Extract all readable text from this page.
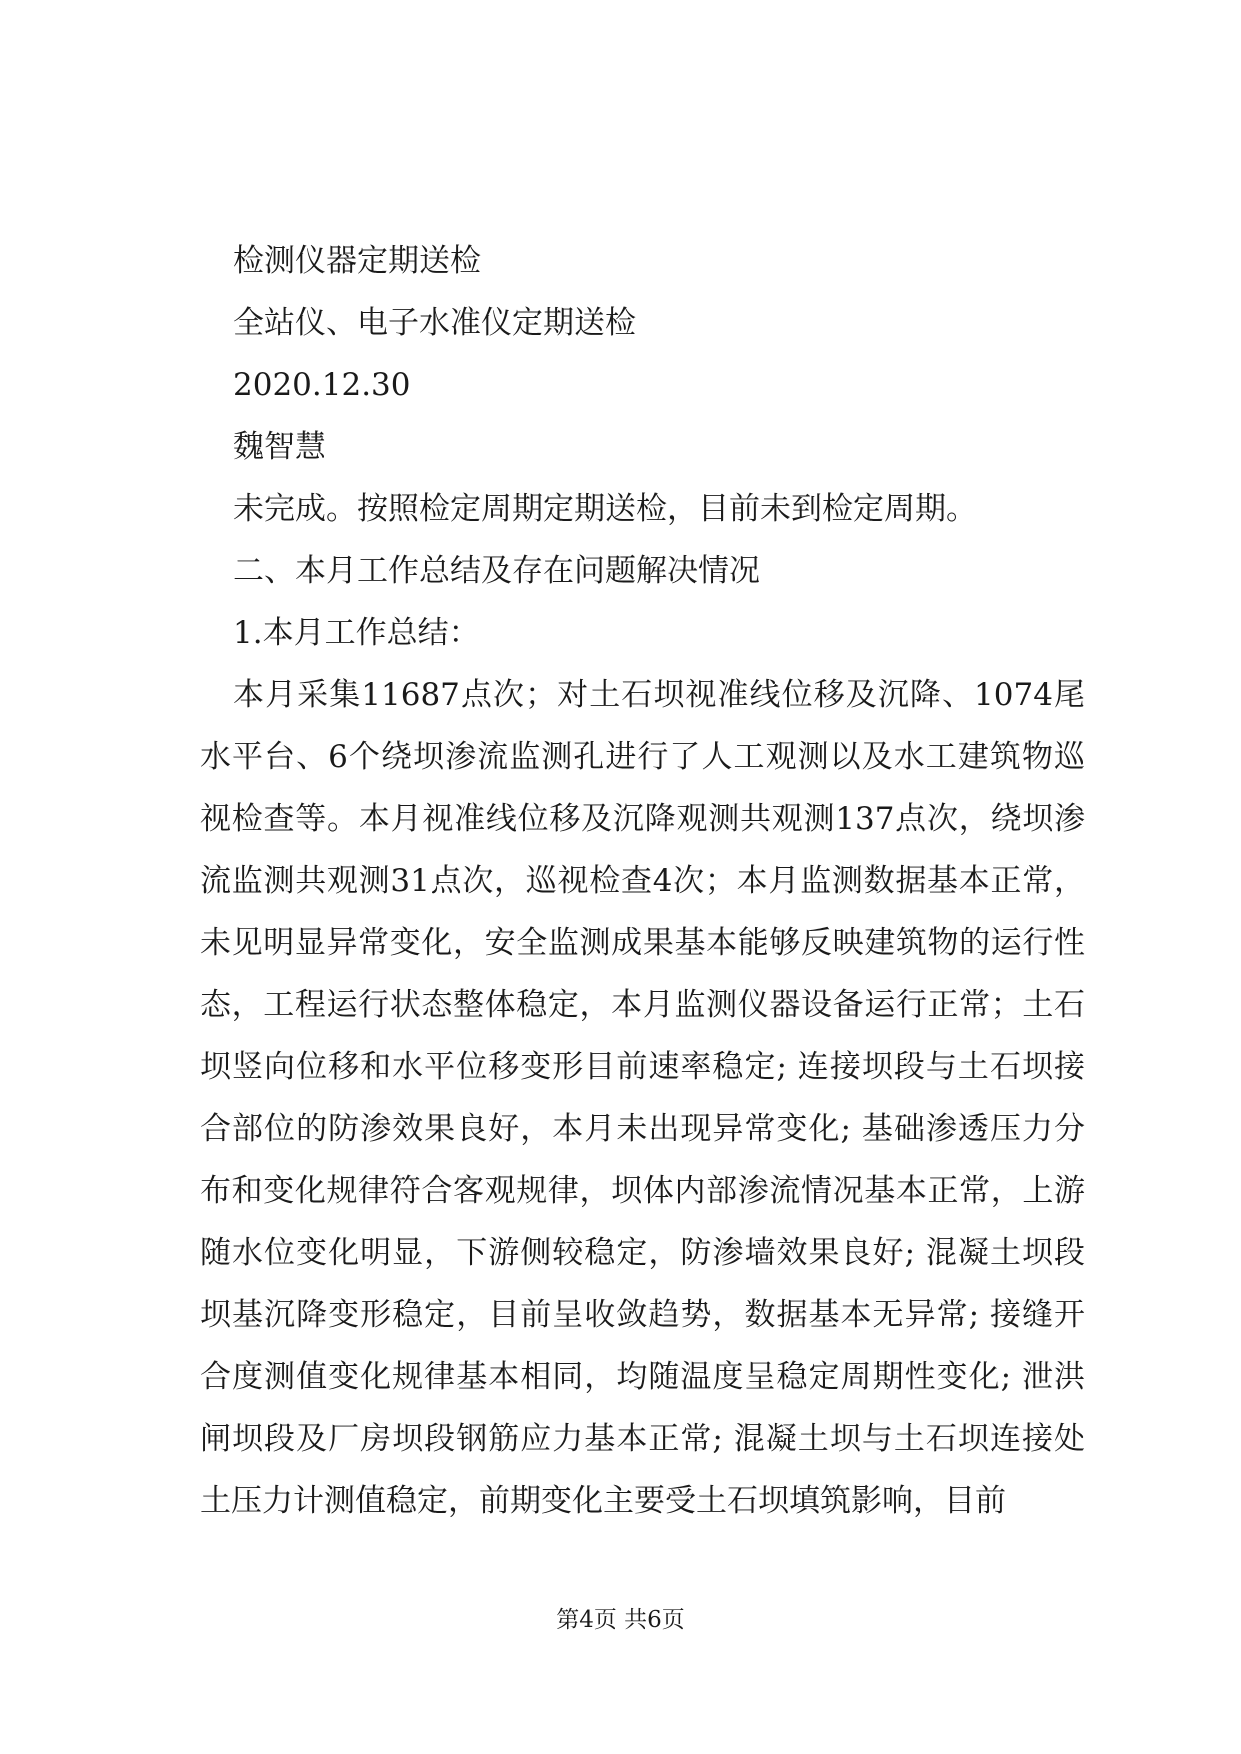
检测仪器定期送检

全站仪、电子水准仪定期送检

2020.12.30

魏智慧

未完成。按照检定周期定期送检，目前未到检定周期。

二、本月工作总结及存在问题解决情况

1.本月工作总结：

本月采集11687点次；对土石坝视准线位移及沉降、1074尾水平台、6个绕坝渗流监测孔进行了人工观测以及水工建筑物巡视检查等。本月视准线位移及沉降观测共观测137点次，绕坝渗流监测共观测31点次，巡视检查4次；本月监测数据基本正常，未见明显异常变化，安全监测成果基本能够反映建筑物的运行性态，工程运行状态整体稳定，本月监测仪器设备运行正常；土石坝竖向位移和水平位移变形目前速率稳定; 连接坝段与土石坝接合部位的防渗效果良好，本月未出现异常变化; 基础渗透压力分布和变化规律符合客观规律，坝体内部渗流情况基本正常，上游随水位变化明显，下游侧较稳定，防渗墙效果良好; 混凝土坝段坝基沉降变形稳定，目前呈收敛趋势，数据基本无异常; 接缝开合度测值变化规律基本相同，均随温度呈稳定周期性变化; 泄洪闸坝段及厂房坝段钢筋应力基本正常; 混凝土坝与土石坝连接处土压力计测值稳定，前期变化主要受土石坝填筑影响，目前

第4页 共6页
